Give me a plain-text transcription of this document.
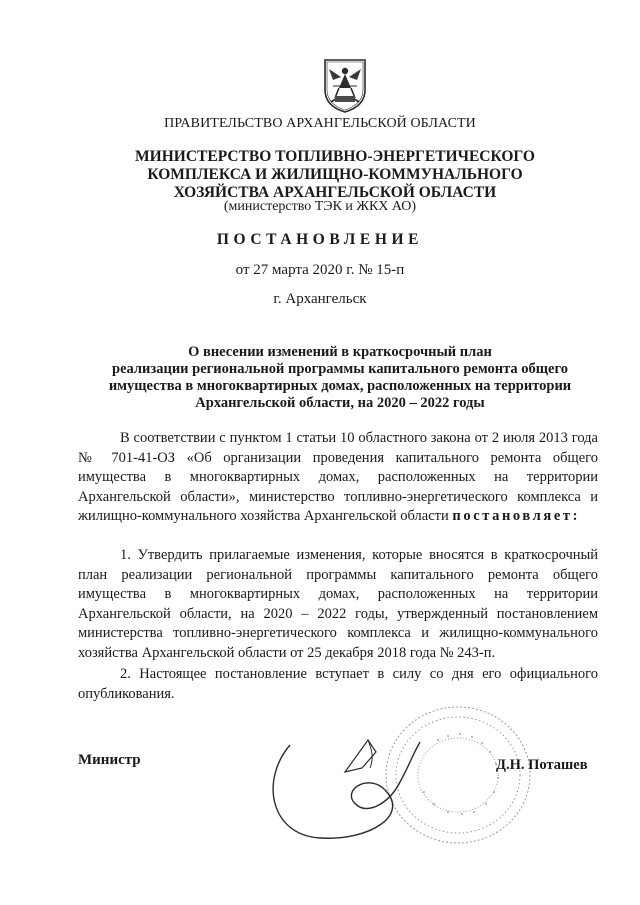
ПРАВИТЕЛЬСТВО АРХАНГЕЛЬСКОЙ ОБЛАСТИ
МИНИСТЕРСТВО ТОПЛИВНО-ЭНЕРГЕТИЧЕСКОГО
КОМПЛЕКСА И ЖИЛИЩНО-КОММУНАЛЬНОГО
ХОЗЯЙСТВА АРХАНГЕЛЬСКОЙ ОБЛАСТИ
(министерство ТЭК и ЖКХ АО)
ПОСТАНОВЛЕНИЕ
от 27 марта 2020 г. № 15-п
г. Архангельск
О внесении изменений в краткосрочный план
реализации региональной программы капитального ремонта общего
имущества в многоквартирных домах, расположенных на территории
Архангельской области, на 2020 – 2022 годы
В соответствии с пунктом 1 статьи 10 областного закона от 2 июля 2013 года № 701-41-ОЗ «Об организации проведения капитального ремонта общего имущества в многоквартирных домах, расположенных на территории Архангельской области», министерство топливно-энергетического комплекса и жилищно-коммунального хозяйства Архангельской области постановляет:
1. Утвердить прилагаемые изменения, которые вносятся в краткосрочный план реализации региональной программы капитального ремонта общего имущества в многоквартирных домах, расположенных на территории Архангельской области, на 2020 – 2022 годы, утвержденный постановлением министерства топливно-энергетического комплекса и жилищно-коммунального хозяйства Архангельской области от 25 декабря 2018 года № 243-п.
2. Настоящее постановление вступает в силу со дня его официального опубликования.
Министр	Д.Н. Поташев
